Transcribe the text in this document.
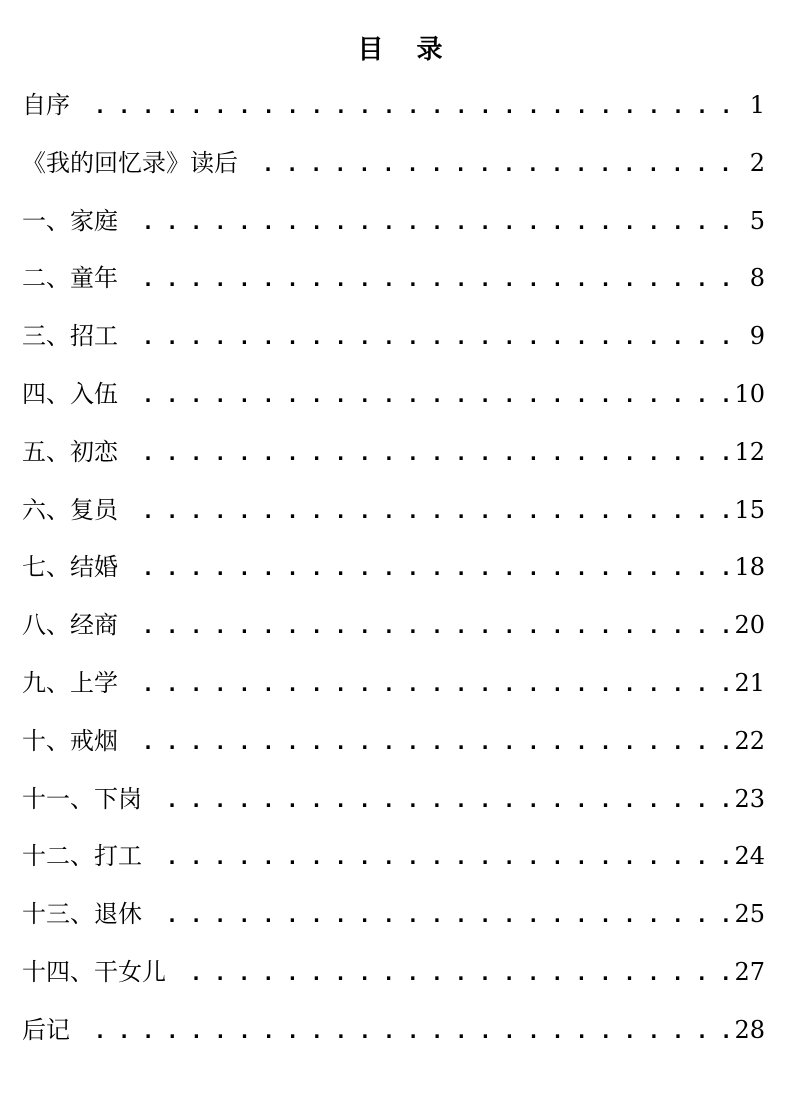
目 录
自序 . . .	1
《我的回忆录》读后 . . .	2
一、家庭 . . .	5
二、童年 . . .	8
三、招工 . . .	9
四、入伍 . . .	10
五、初恋 . . .	12
六、复员 . . .	15
七、结婚 . . .	18
八、经商 . . .	20
九、上学 . . .	21
十、戒烟 . . .	22
十一、下岗 . . .	23
十二、打工 . . .	24
十三、退休 . . .	25
十四、干女儿 . . .	27
后记 . . .	28
